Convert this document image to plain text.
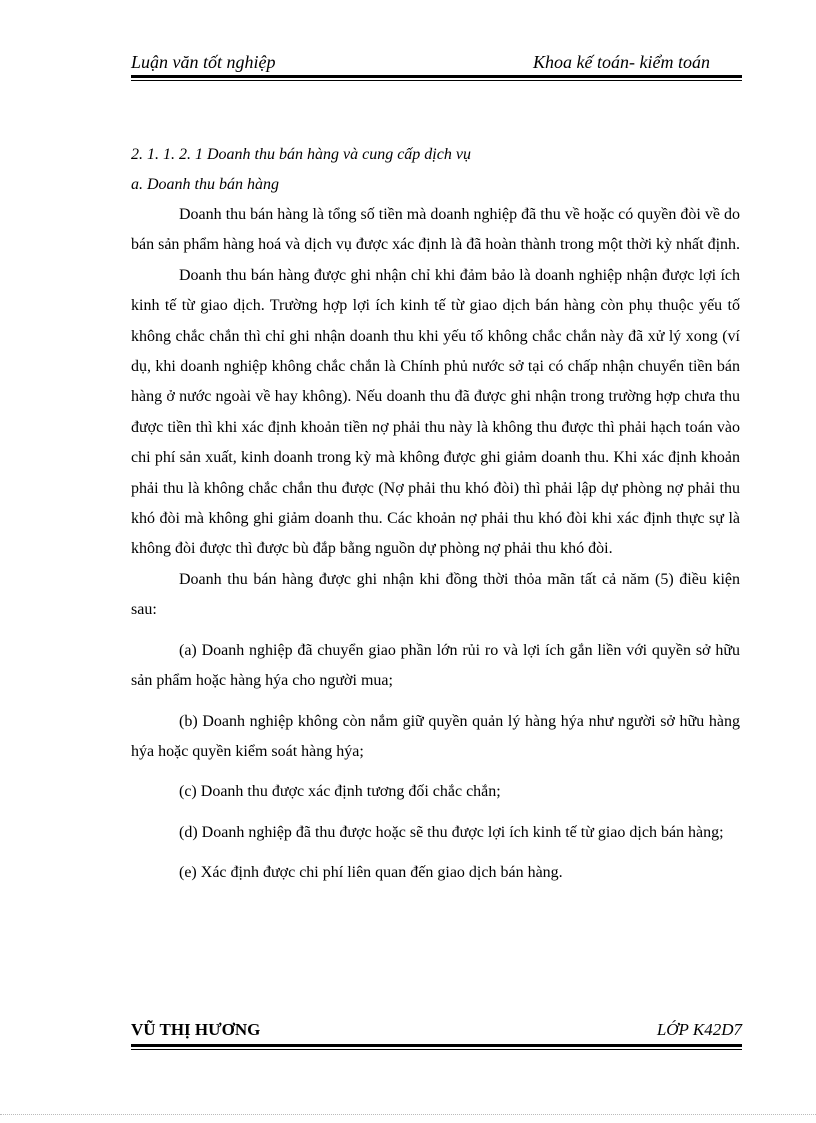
Luận văn tốt nghiệp	Khoa kế toán- kiểm toán

2. 1. 1. 2. 1 Doanh thu bán hàng và cung cấp dịch vụ

a. Doanh thu bán hàng

Doanh thu bán hàng là tổng số tiền mà doanh nghiệp đã thu về hoặc có quyền đòi về do bán sản phẩm hàng hoá và dịch vụ được xác định là đã hoàn thành trong một thời kỳ nhất định.

Doanh thu bán hàng được ghi nhận chỉ khi đảm bảo là doanh nghiệp nhận được lợi ích kinh tế từ giao dịch. Trường hợp lợi ích kinh tế từ giao dịch bán hàng còn phụ thuộc yếu tố không chắc chắn thì chỉ ghi nhận doanh thu khi yếu tố không chắc chắn này đã xử lý xong (ví dụ, khi doanh nghiệp không chắc chắn là Chính phủ nước sở tại có chấp nhận chuyển tiền bán hàng ở nước ngoài về hay không). Nếu doanh thu đã được ghi nhận trong trường hợp chưa thu được tiền thì khi xác định khoản tiền nợ phải thu này là không thu được thì phải hạch toán vào chi phí sản xuất, kinh doanh trong kỳ mà không được ghi giảm doanh thu. Khi xác định khoản phải thu là không chắc chắn thu được (Nợ phải thu khó đòi) thì phải lập dự phòng nợ phải thu khó đòi mà không ghi giảm doanh thu. Các khoản nợ phải thu khó đòi khi xác định thực sự là không đòi được thì được bù đắp bằng nguồn dự phòng nợ phải thu khó đòi.

Doanh thu bán hàng được ghi nhận khi đồng thời thỏa mãn tất cả năm (5) điều kiện sau:

(a) Doanh nghiệp đã chuyển giao phần lớn rủi ro và lợi ích gắn liền với quyền sở hữu sản phẩm hoặc hàng hýa cho người mua;

(b) Doanh nghiệp không còn nắm giữ quyền quản lý hàng hýa như người sở hữu hàng hýa hoặc quyền kiểm soát hàng hýa;

(c) Doanh thu được xác định tương đối chắc chắn;

(d) Doanh nghiệp đã thu được hoặc sẽ thu được lợi ích kinh tế từ giao dịch bán hàng;

(e) Xác định được chi phí liên quan đến giao dịch bán hàng.

VŨ THỊ HƯƠNG	LỚP K42D7
